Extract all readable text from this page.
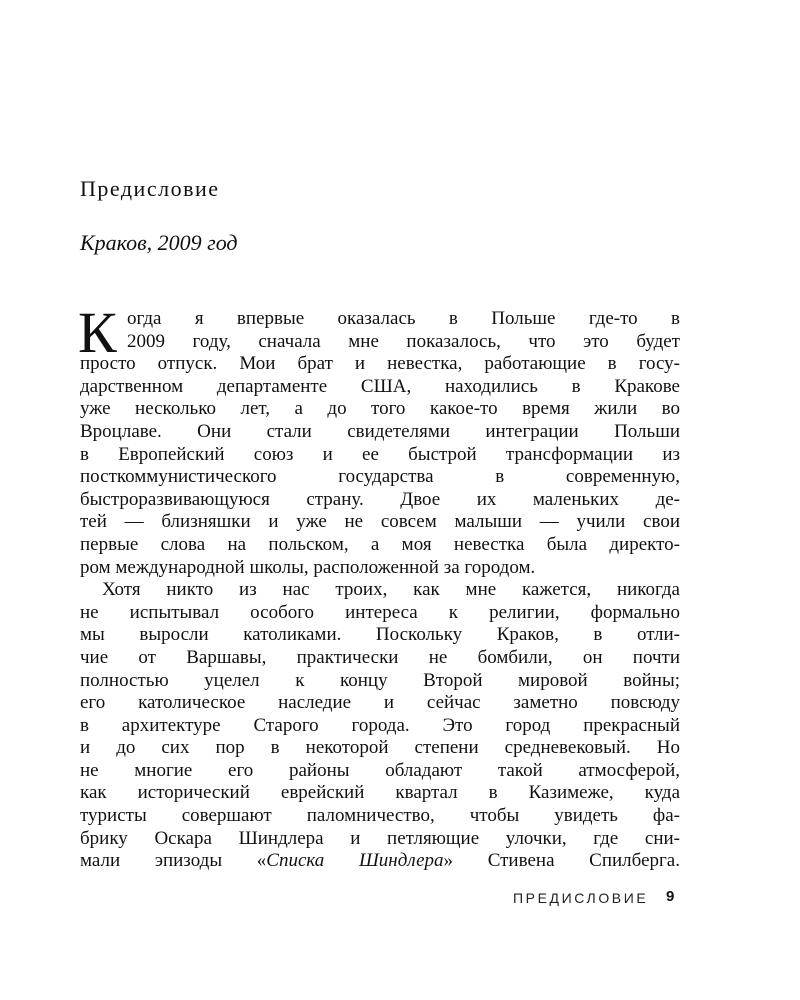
Предисловие
Краков, 2009 год
К огда я впервые оказалась в Польше где-то в
2009 году, сначала мне показалось, что это будет
просто отпуск. Мои брат и невестка, работающие в госу-
дарственном департаменте США, находились в Кракове
уже несколько лет, а до того какое-то время жили во
Вроцлаве. Они стали свидетелями интеграции Польши
в Европейский союз и ее быстрой трансформации из
посткоммунистического государства в современную,
быстроразвивающуюся страну. Двое их маленьких де-
тей — близняшки и уже не совсем малыши — учили свои
первые слова на польском, а моя невестка была директо-
ром международной школы, расположенной за городом.
Хотя никто из нас троих, как мне кажется, никогда
не испытывал особого интереса к религии, формально
мы выросли католиками. Поскольку Краков, в отли-
чие от Варшавы, практически не бомбили, он почти
полностью уцелел к концу Второй мировой войны;
его католическое наследие и сейчас заметно повсюду
в архитектуре Старого города. Это город прекрасный
и до сих пор в некоторой степени средневековый. Но
не многие его районы обладают такой атмосферой,
как исторический еврейский квартал в Казимеже, куда
туристы совершают паломничество, чтобы увидеть фа-
брику Оскара Шиндлера и петляющие улочки, где сни-
мали эпизоды «Списка Шиндлера» Стивена Спилберга.
ПРЕДИСЛОВИЕ 9
